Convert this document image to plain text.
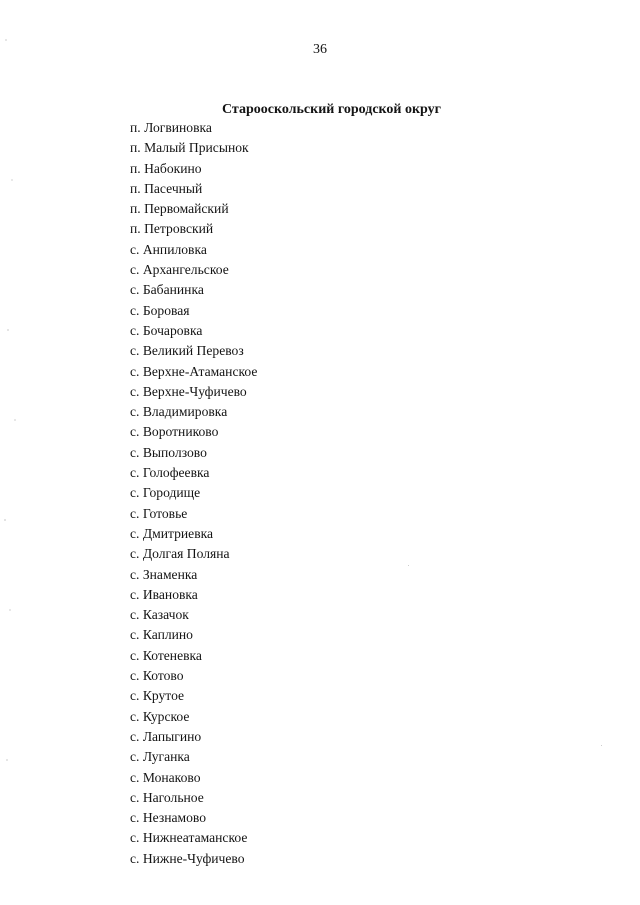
36
Старооскольский городской округ
п. Логвиновка
п. Малый Присынок
п. Набокино
п. Пасечный
п. Первомайский
п. Петровский
с. Анпиловка
с. Архангельское
с. Бабанинка
с. Боровая
с. Бочаровка
с. Великий Перевоз
с. Верхне-Атаманское
с. Верхне-Чуфичево
с. Владимировка
с. Воротниково
с. Выползово
с. Голофеевка
с. Городище
с. Готовье
с. Дмитриевка
с. Долгая Поляна
с. Знаменка
с. Ивановка
с. Казачок
с. Каплино
с. Котеневка
с. Котово
с. Крутое
с. Курское
с. Лапыгино
с. Луганка
с. Монаково
с. Нагольное
с. Незнамово
с. Нижнеатаманское
с. Нижне-Чуфичево
